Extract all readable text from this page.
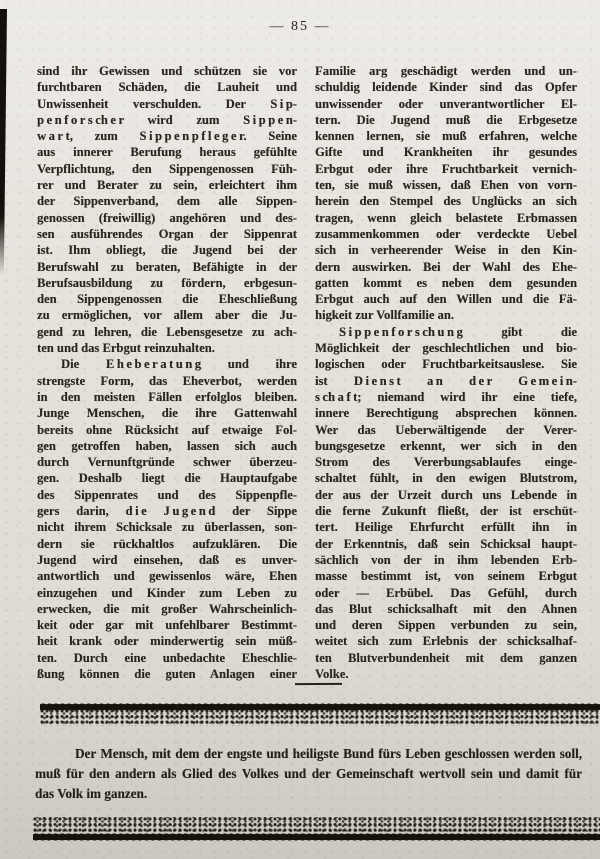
— 85 —
sind ihr Gewissen und schützen sie vor
furchtbaren Schäden, die Lauheit und
Unwissenheit verschulden. Der S i p-
p e n f o r s ch e r wird zum S i p p e n-
w a r t, zum S i p p e n p f l e g e r. Seine
aus innerer Berufung heraus gefühlte
Verpflichtung, den Sippengenossen Füh-
rer und Berater zu sein, erleichtert ihm
der Sippenverband, dem alle Sippen-
genossen (freiwillig) angehören und des-
sen ausführendes Organ der Sippenrat
ist. Ihm obliegt, die Jugend bei der
Berufswahl zu beraten, Befähigte in der
Berufsausbildung zu fördern, erbgesun-
den Sippengenossen die Eheschließung
zu ermöglichen, vor allem aber die Ju-
gend zu lehren, die Lebensgesetze zu ach-
ten und das Erbgut reinzuhalten.
Die E h e b e r a t u n g und ihre
strengste Form, das Eheverbot, werden
in den meisten Fällen erfolglos bleiben.
Junge Menschen, die ihre Gattenwahl
bereits ohne Rücksicht auf etwaige Fol-
gen getroffen haben, lassen sich auch
durch Vernunftgründe schwer überzeu-
gen. Deshalb liegt die Hauptaufgabe
des Sippenrates und des Sippenpfle-
gers darin, d i e J u g e n d der Sippe
nicht ihrem Schicksale zu überlassen, son-
dern sie rückhaltlos aufzuklären. Die
Jugend wird einsehen, daß es unver-
antwortlich und gewissenlos wäre, Ehen
einzugehen und Kinder zum Leben zu
erwecken, die mit großer Wahrscheinlich-
keit oder gar mit unfehlbarer Bestimmt-
heit krank oder minderwertig sein müß-
ten. Durch eine unbedachte Eheschlie-
ßung können die guten Anlagen einer
Familie arg geschädigt werden und un-
schuldig leidende Kinder sind das Opfer
unwissender oder unverantwortlicher El-
tern. Die Jugend muß die Erbgesetze
kennen lernen, sie muß erfahren, welche
Gifte und Krankheiten ihr gesundes
Erbgut oder ihre Fruchtbarkeit vernich-
ten, sie muß wissen, daß Ehen von vorn-
herein den Stempel des Unglücks an sich
tragen, wenn gleich belastete Erbmassen
zusammenkommen oder verdeckte Uebel
sich in verheerender Weise in den Kin-
dern auswirken. Bei der Wahl des Ehe-
gatten kommt es neben dem gesunden
Erbgut auch auf den Willen und die Fä-
higkeit zur Vollfamilie an.
S i p p e n f o r s ch u n g gibt die
Möglichkeit der geschlechtlichen und bio-
logischen oder Fruchtbarkeitsauslese. Sie
ist D i e n s t a n d e r G e m e i n-
s ch a f t; niemand wird ihr eine tiefe,
innere Berechtigung absprechen können.
Wer das Ueberwältigende der Verer-
bungsgesetze erkennt, wer sich in den
Strom des Vererbungsablaufes einge-
schaltet fühlt, in den ewigen Blutstrom,
der aus der Urzeit durch uns Lebende in
die ferne Zukunft fließt, der ist erschüt-
tert. Heilige Ehrfurcht erfüllt ihn in
der Erkenntnis, daß sein Schicksal haupt-
sächlich von der in ihm lebenden Erb-
masse bestimmt ist, von seinem Erbgut
oder — Erbübel. Das Gefühl, durch
das Blut schicksalhaft mit den Ahnen
und deren Sippen verbunden zu sein,
weitet sich zum Erlebnis der schicksalhaf-
ten Blutverbundenheit mit dem ganzen
Volke.
Der Mensch, mit dem der engste und heiligste Bund fürs Leben geschlossen werden soll,
muß für den andern als Glied des Volkes und der Gemeinschaft wertvoll sein und damit für
das Volk im ganzen.
